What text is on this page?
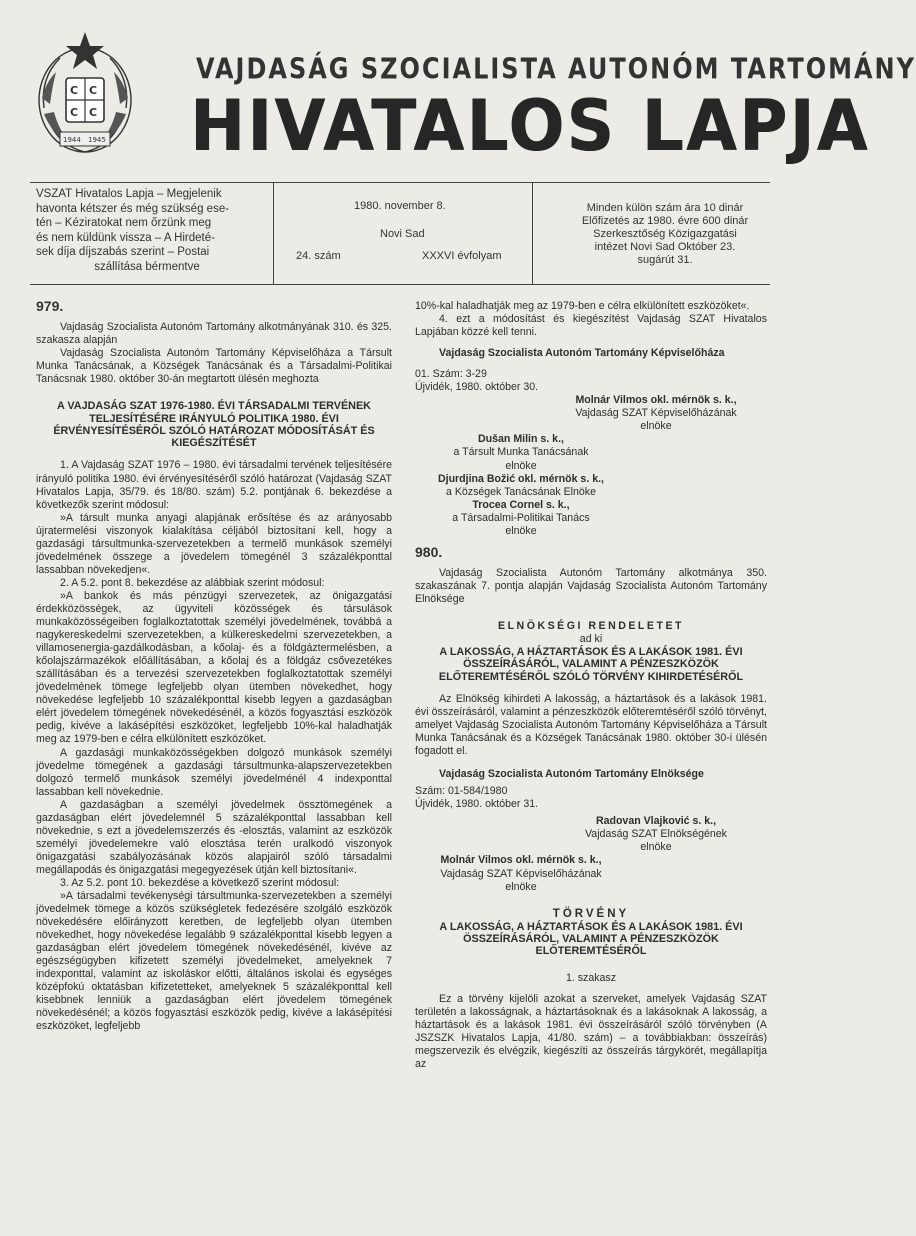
C C
C C
1944 1945
VAJDASÁG SZOCIALISTA AUTONÓM TARTOMÁNY
HIVATALOS LAPJA
VSZAT Hivatalos Lapja – Megjelenik
havonta kétszer és még szükség ese-
tén – Kéziratokat nem őrzünk meg
és nem küldünk vissza – A Hirdeté-
sek díja díjszabás szerint – Postai
szállítása bérmentve
1980. november 8.
Novi Sad
24. szám	XXXVI évfolyam
Minden külön szám ára 10 dinár
Előfizetés az 1980. évre 600 dinár
Szerkesztőség Közigazgatási
intézet Novi Sad Október 23.
sugárút 31.

979.

Vajdaság Szocialista Autonóm Tartomány alkotmányának 310. és 325. szakasza alapján

Vajdaság Szocialista Autonóm Tartomány Képviselőháza a Társult Munka Tanácsának, a Községek Tanácsának és a Társadalmi-Politikai Tanácsnak 1980. október 30-án megtartott ülésén meghozta

A VAJDASÁG SZAT 1976-1980. ÉVI TÁRSADALMI TERVÉNEK TELJESÍTÉSÉRE IRÁNYULÓ POLITIKA 1980. ÉVI ÉRVÉNYESÍTÉSÉRŐL SZÓLÓ HATÁROZAT MÓDOSÍTÁSÁT ÉS KIEGÉSZÍTÉSÉT

1. A Vajdaság SZAT 1976 – 1980. évi társadalmi tervének teljesítésére irányuló politika 1980. évi érvényesítéséről szóló határozat (Vajdaság SZAT Hivatalos Lapja, 35/79. és 18/80. szám) 5.2. pontjának 6. bekezdése a következők szerint módosul:

»A társult munka anyagi alapjának erősítése és az arányosabb újratermelési viszonyok kialakítása céljából biztosítani kell, hogy a gazdasági társultmunka-szervezetekben a termelő munkások személyi jövedelmének összege a jövedelem tömegénél 3 százalékponttal lassabban növekedjen«.

2. A 5.2. pont 8. bekezdése az alábbiak szerint módosul:

»A bankok és más pénzügyi szervezetek, az önigazgatási érdekközösségek, az ügyviteli közösségek és társulások munkaközösségeiben foglalkoztatottak személyi jövedelmének, továbbá a nagykereskedelmi szervezetekben, a külkereskedelmi szervezetekben, a villamosenergia-gazdálkodásban, a kőolaj- és a földgáztermelésben, a kőolajszármazékok előállításában, a kőolaj és a földgáz csővezetékes szállításában és a tervezési szervezetekben foglalkoztatottak személyi jövedelmének tömege legfeljebb olyan ütemben növekedhet, hogy növekedése legfeljebb 10 százalékponttal kisebb legyen a gazdaságban elért jövedelem tömegének növekedésénél, a közös fogyasztási eszközök pedig, kivéve a lakásépítési eszközöket, legfeljebb 10%-kal haladhatják meg az 1979-ben e célra elkülönített eszközöket.

A gazdasági munkaközösségekben dolgozó munkások személyi jövedelme tömegének a gazdasági társultmunka-alapszervezetekben dolgozó termelő munkások személyi jövedelménél 4 indexponttal lassabban kell növekednie.

A gazdaságban a személyi jövedelmek össztömegének a gazdaságban elért jövedelemnél 5 százalékponttal lassabban kell növekednie, s ezt a jövedelemszerzés és -elosztás, valamint az eszközök személyi jövedelemekre való elosztása terén uralkodó viszonyok önigazgatási szabályozásának közös alapjairól szóló társadalmi megállapodás és önigazgatási megegyezések útján kell biztosítani«.

3. Az 5.2. pont 10. bekezdése a következő szerint módosul:

»A társadalmi tevékenységi társultmunka-szervezetekben a személyi jövedelmek tömege a közös szükségletek fedezésére szolgáló eszközök növekedésére előirányzott keretben, de legfeljebb olyan ütemben növekedhet, hogy növekedése legalább 9 százalékponttal kisebb legyen a gazdaságban elért jövedelem tömegének növekedésénél, kivéve az egészségügyben kifizetett személyi jövedelmeket, amelyeknek 7 indexponttal, valamint az iskoláskor előtti, általános iskolai és egységes középfokú oktatásban kifizetetteket, amelyeknek 5 százalékponttal kell kisebbnek lenniük a gazdaságban elért jövedelem tömegének növekedésénél; a közös fogyasztási eszközök pedig, kivéve a lakásépítési eszközöket, legfeljebb

10%-kal haladhatják meg az 1979-ben e célra elkülönített eszközöket«.

4. ezt a módosítást és kiegészítést Vajdaság SZAT Hivatalos Lapjában közzé kell tenni.

Vajdaság Szocialista Autonóm Tartomány Képviselőháza

01. Szám: 3-29

Újvidék, 1980. október 30.

Molnár Vilmos okl. mérnök s. k.,
Vajdaság SZAT Képviselőházának
elnöke
Dušan Milin s. k.,
a Társult Munka Tanácsának
elnöke
Djurdjina Božić okl. mérnök s. k.,
a Községek Tanácsának Elnöke
Trocea Cornel s. k.,
a Társadalmi-Politikai Tanács
elnöke

980.

Vajdaság Szocialista Autonóm Tartomány alkotmánya 350. szakaszának 7. pontja alapján Vajdaság Szocialista Autonóm Tartomány Elnöksége

ELNÖKSÉGI RENDELETET

ad ki

A LAKOSSÁG, A HÁZTARTÁSOK ÉS A LAKÁSOK 1981. ÉVI ÖSSZEÍRÁSÁRÓL, VALAMINT A PÉNZESZKÖZÖK ELŐTEREMTÉSÉRŐL SZÓLÓ TÖRVÉNY KIHIRDETÉSÉRŐL

Az Elnökség kihirdeti A lakosság, a háztartások és a lakások 1981. évi összeírásáról, valamint a pénzeszközök előteremtéséről szóló törvényt, amelyet Vajdaság Szocialista Autonóm Tartomány Képviselőháza a Társult Munka Tanácsának és a Községek Tanácsának 1980. október 30-i ülésén fogadott el.

Vajdaság Szocialista Autonóm Tartomány Elnöksége

Szám: 01-584/1980

Újvidék, 1980. október 31.

Radovan Vlajković s. k.,
Vajdaság SZAT Elnökségének
elnöke
Molnár Vilmos okl. mérnök s. k.,
Vajdaság SZAT Képviselőházának
elnöke

TÖRVÉNY

A LAKOSSÁG, A HÁZTARTÁSOK ÉS A LAKÁSOK 1981. ÉVI ÖSSZEÍRÁSÁRÓL, VALAMINT A PÉNZESZKÖZÖK ELŐTEREMTÉSÉRŐL

1. szakasz

Ez a törvény kijelöli azokat a szerveket, amelyek Vajdaság SZAT területén a lakosságnak, a háztartásoknak és a lakásoknak A lakosság, a háztartások és a lakások 1981. évi összeírásáról szóló törvényben (A JSZSZK Hivatalos Lapja, 41/80. szám) – a továbbiakban: összeírás) megszervezik és elvégzik, kiegészíti az összeírás tárgykörét, megállapítja az
